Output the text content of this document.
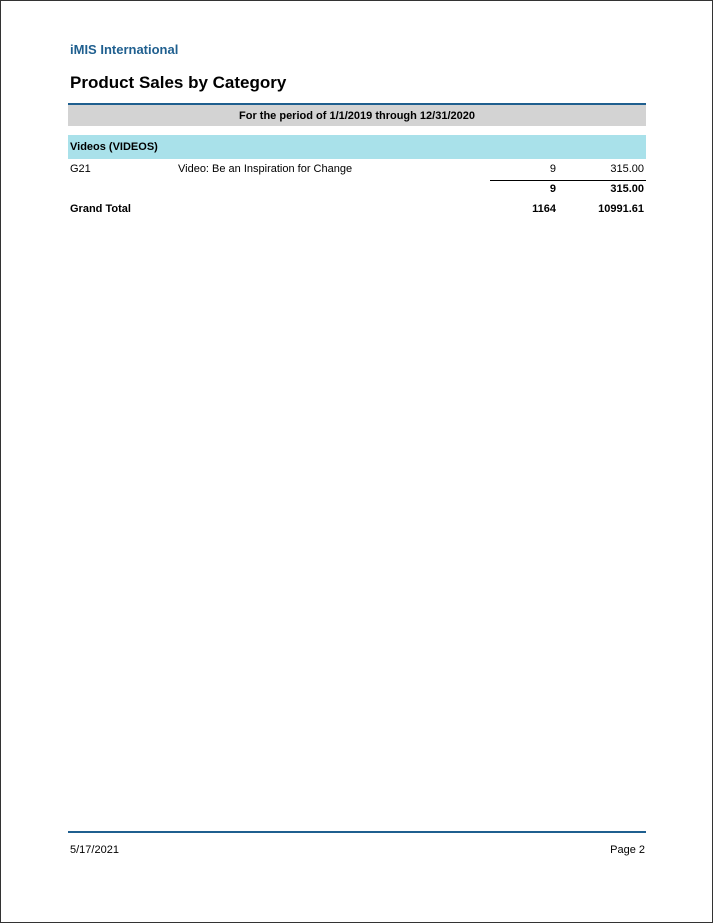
iMIS International
Product Sales by Category
For the period of 1/1/2019 through 12/31/2020
Videos (VIDEOS)
G21	Video: Be an Inspiration for Change	9	315.00
9	315.00
Grand Total	1164	10991.61
5/17/2021	Page 2
